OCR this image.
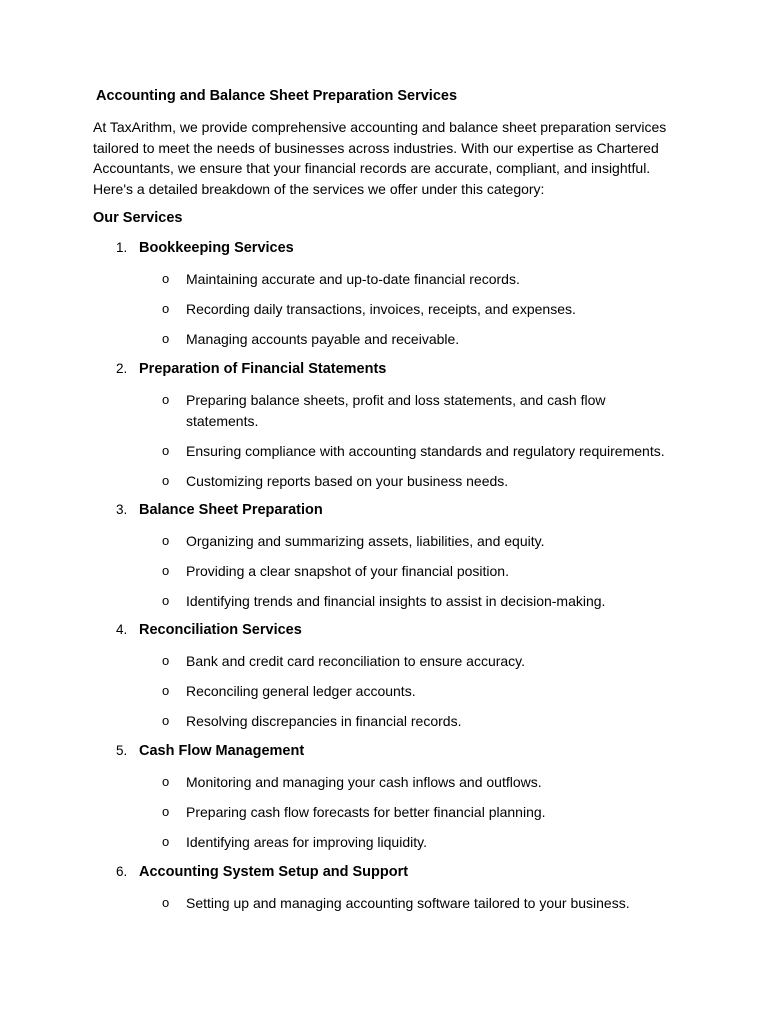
Accounting and Balance Sheet Preparation Services
At TaxArithm, we provide comprehensive accounting and balance sheet preparation services
tailored to meet the needs of businesses across industries. With our expertise as Chartered
Accountants, we ensure that your financial records are accurate, compliant, and insightful.
Here's a detailed breakdown of the services we offer under this category:
Our Services
1. Bookkeeping Services
o Maintaining accurate and up-to-date financial records.
o Recording daily transactions, invoices, receipts, and expenses.
o Managing accounts payable and receivable.
2. Preparation of Financial Statements
o Preparing balance sheets, profit and loss statements, and cash flow
statements.
o Ensuring compliance with accounting standards and regulatory requirements.
o Customizing reports based on your business needs.
3. Balance Sheet Preparation
o Organizing and summarizing assets, liabilities, and equity.
o Providing a clear snapshot of your financial position.
o Identifying trends and financial insights to assist in decision-making.
4. Reconciliation Services
o Bank and credit card reconciliation to ensure accuracy.
o Reconciling general ledger accounts.
o Resolving discrepancies in financial records.
5. Cash Flow Management
o Monitoring and managing your cash inflows and outflows.
o Preparing cash flow forecasts for better financial planning.
o Identifying areas for improving liquidity.
6. Accounting System Setup and Support
o Setting up and managing accounting software tailored to your business.
